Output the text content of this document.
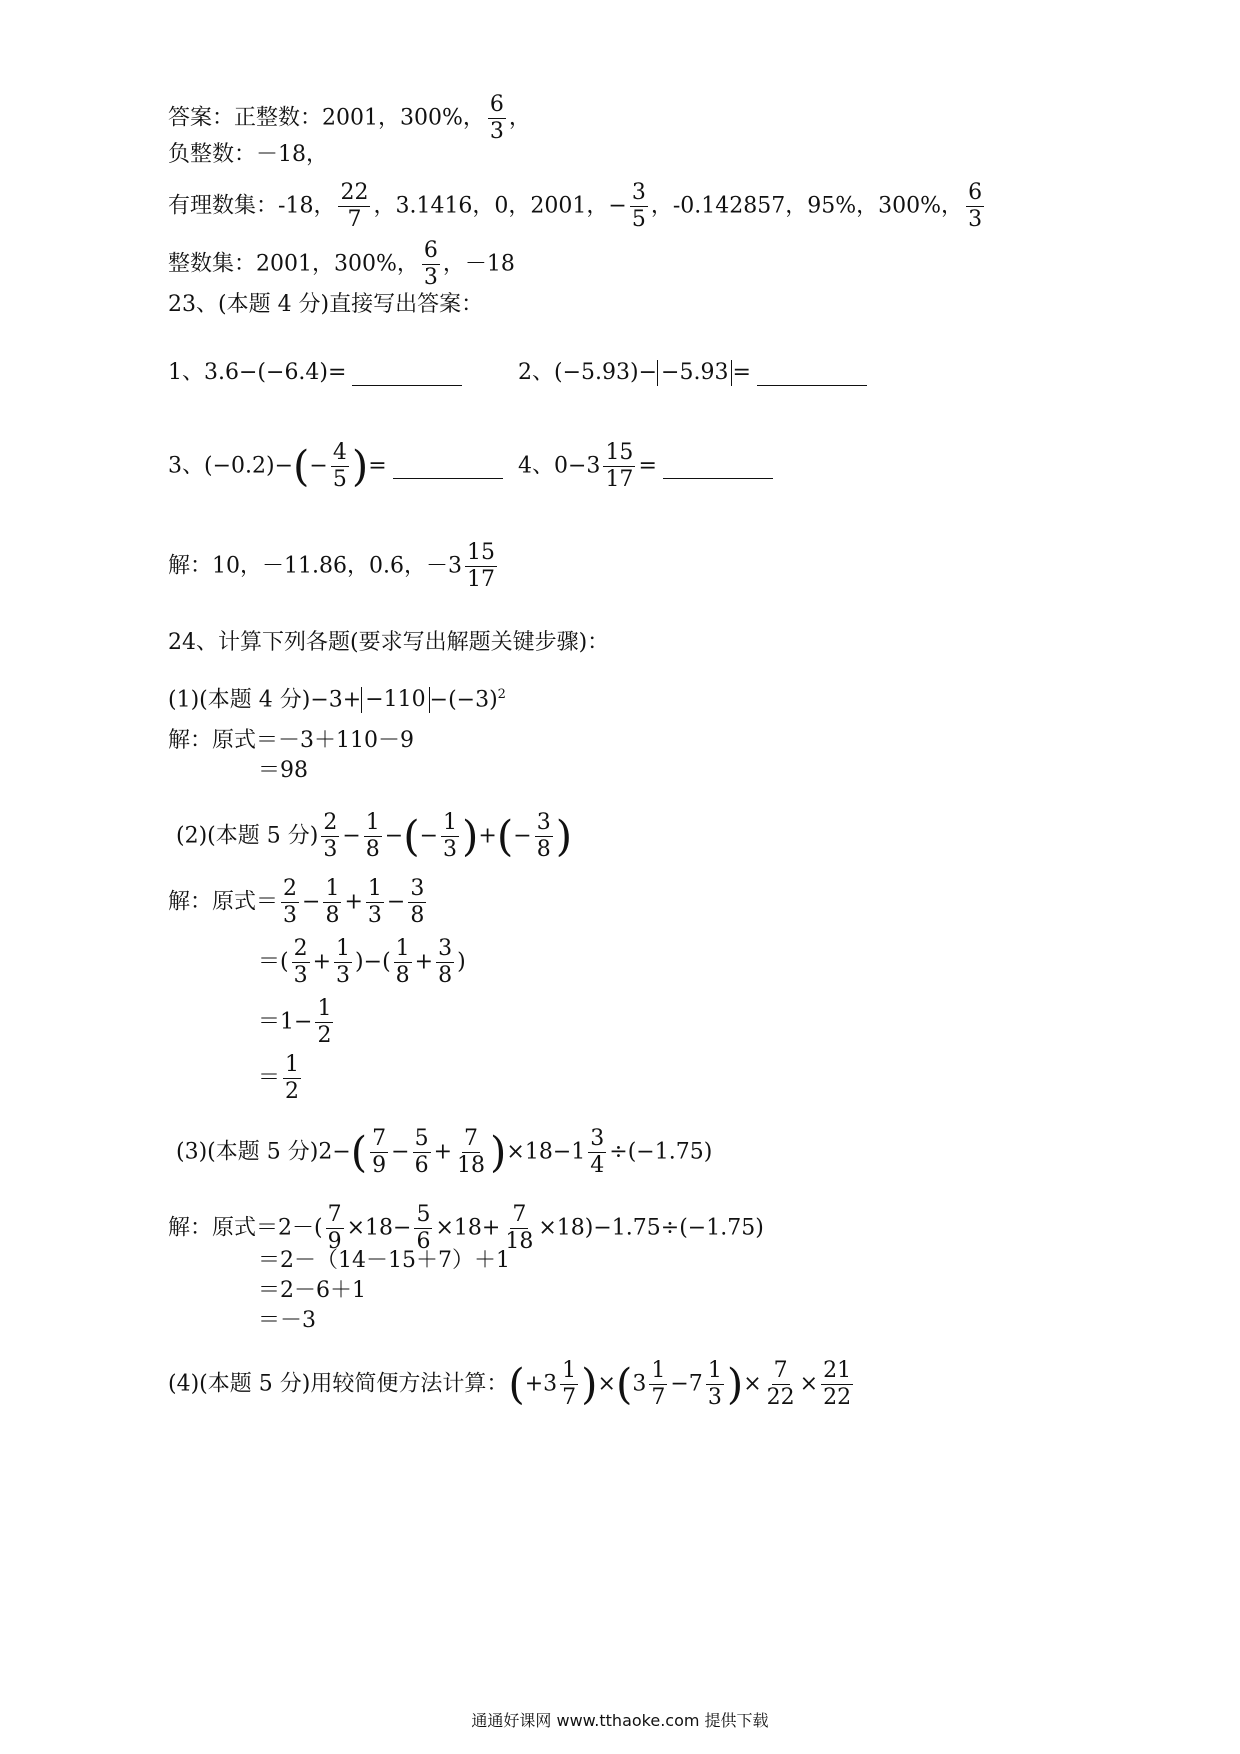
答案：正整数：2001，300%， $\frac{6}{3}$ ，
负整数：－18，
有理数集：-18， $\frac{22}{7}$ ，3.1416，0，2001，− $\frac{3}{5}$ ，-0.142857，95%，300%， $\frac{6}{3}$
整数集：2001，300%， $\frac{6}{3}$ ，－18
23、(本题 4 分)直接写出答案：
1、3.6−(−6.4)=	2、(−5.93)− −5.93 =
3、$(-0.2)-(- \frac{4}{5}$ )=	4、$0-3 \frac{15}{17}$ =
解：10，－11.86，0.6，$-3 \frac{15}{17}$
24、计算下列各题(要求写出解题关键步骤)：
(1)(本题 4 分)$-3+ -110 -(-3)^2$
解：原式＝－3＋110－9
＝98
(2)(本题 5 分) $\frac{2}{3} - \frac{1}{8}$ −(− $\frac{1}{3}$ )+(− $\frac{3}{8}$ )
解：原式＝ $\frac{2}{3} - \frac{1}{8} + \frac{1}{3} - \frac{3}{8}$
＝( $\frac{2}{3} + \frac{1}{3}$ )−( $\frac{1}{8} + \frac{3}{8}$ )
$=1- \frac{1}{2}$
＝ $\frac{1}{2}$
(3)(本题 5 分)$2-( \frac{7}{9} - \frac{5}{6} + \frac{7}{18} )\times 18-1 \frac{3}{4} \div(-1.75)$
解：原式$=2-( \frac{7}{9} \times 18- \frac{5}{6} \times 18+ \frac{7}{18} \times 18)-1.75\div(-1.75)$
＝2－（14－15＋7）＋1
＝2－6＋1
＝－3
(4)(本题 5 分)用较简便方法计算：$(+3 \frac{1}{7} )\times(3 \frac{1}{7} -7 \frac{1}{3}$ )× $\frac{7}{22} \times \frac{21}{22}$
通通好课网 www.tthaoke.com 提供下载
